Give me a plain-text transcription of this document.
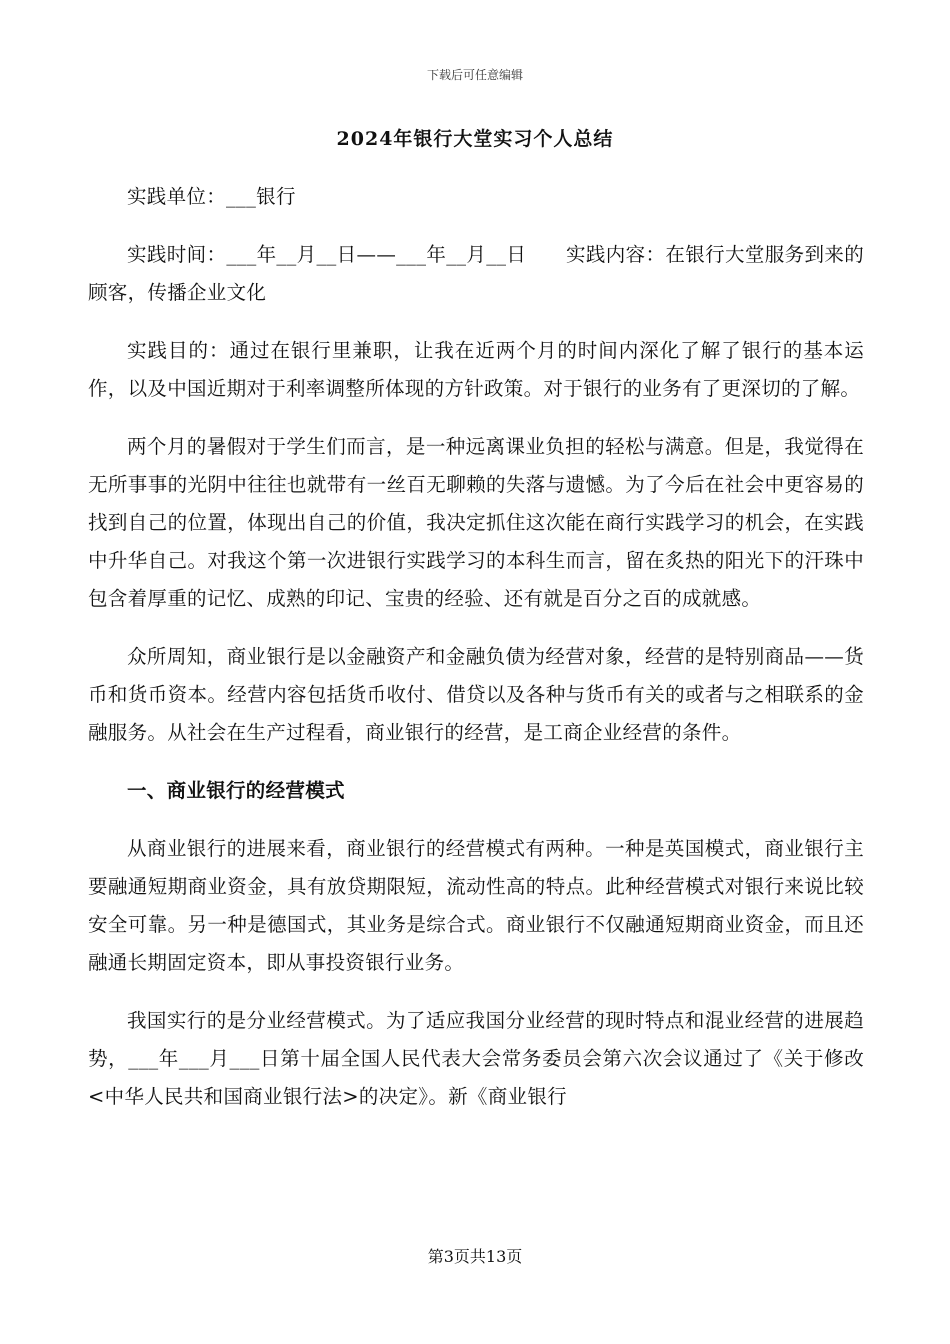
下载后可任意编辑
2024年银行大堂实习个人总结

实践单位：___银行

实践时间：___年__月__日——___年__月__日　　实践内容：在银行大堂服务到来的顾客，传播企业文化

实践目的：通过在银行里兼职，让我在近两个月的时间内深化了解了银行的基本运作，以及中国近期对于利率调整所体现的方针政策。对于银行的业务有了更深切的了解。

两个月的暑假对于学生们而言，是一种远离课业负担的轻松与满意。但是，我觉得在无所事事的光阴中往往也就带有一丝百无聊赖的失落与遗憾。为了今后在社会中更容易的找到自己的位置，体现出自己的价值，我决定抓住这次能在商行实践学习的机会，在实践中升华自己。对我这个第一次进银行实践学习的本科生而言，留在炙热的阳光下的汗珠中包含着厚重的记忆、成熟的印记、宝贵的经验、还有就是百分之百的成就感。

众所周知，商业银行是以金融资产和金融负债为经营对象，经营的是特别商品——货币和货币资本。经营内容包括货币收付、借贷以及各种与货币有关的或者与之相联系的金融服务。从社会在生产过程看，商业银行的经营，是工商企业经营的条件。

一、商业银行的经营模式

从商业银行的进展来看，商业银行的经营模式有两种。一种是英国模式，商业银行主要融通短期商业资金，具有放贷期限短，流动性高的特点。此种经营模式对银行来说比较安全可靠。另一种是德国式，其业务是综合式。商业银行不仅融通短期商业资金，而且还融通长期固定资本，即从事投资银行业务。

我国实行的是分业经营模式。为了适应我国分业经营的现时特点和混业经营的进展趋势，___年___月___日第十届全国人民代表大会常务委员会第六次会议通过了《关于修改<中华人民共和国商业银行法>的决定》。新《商业银行

第3页共13页
